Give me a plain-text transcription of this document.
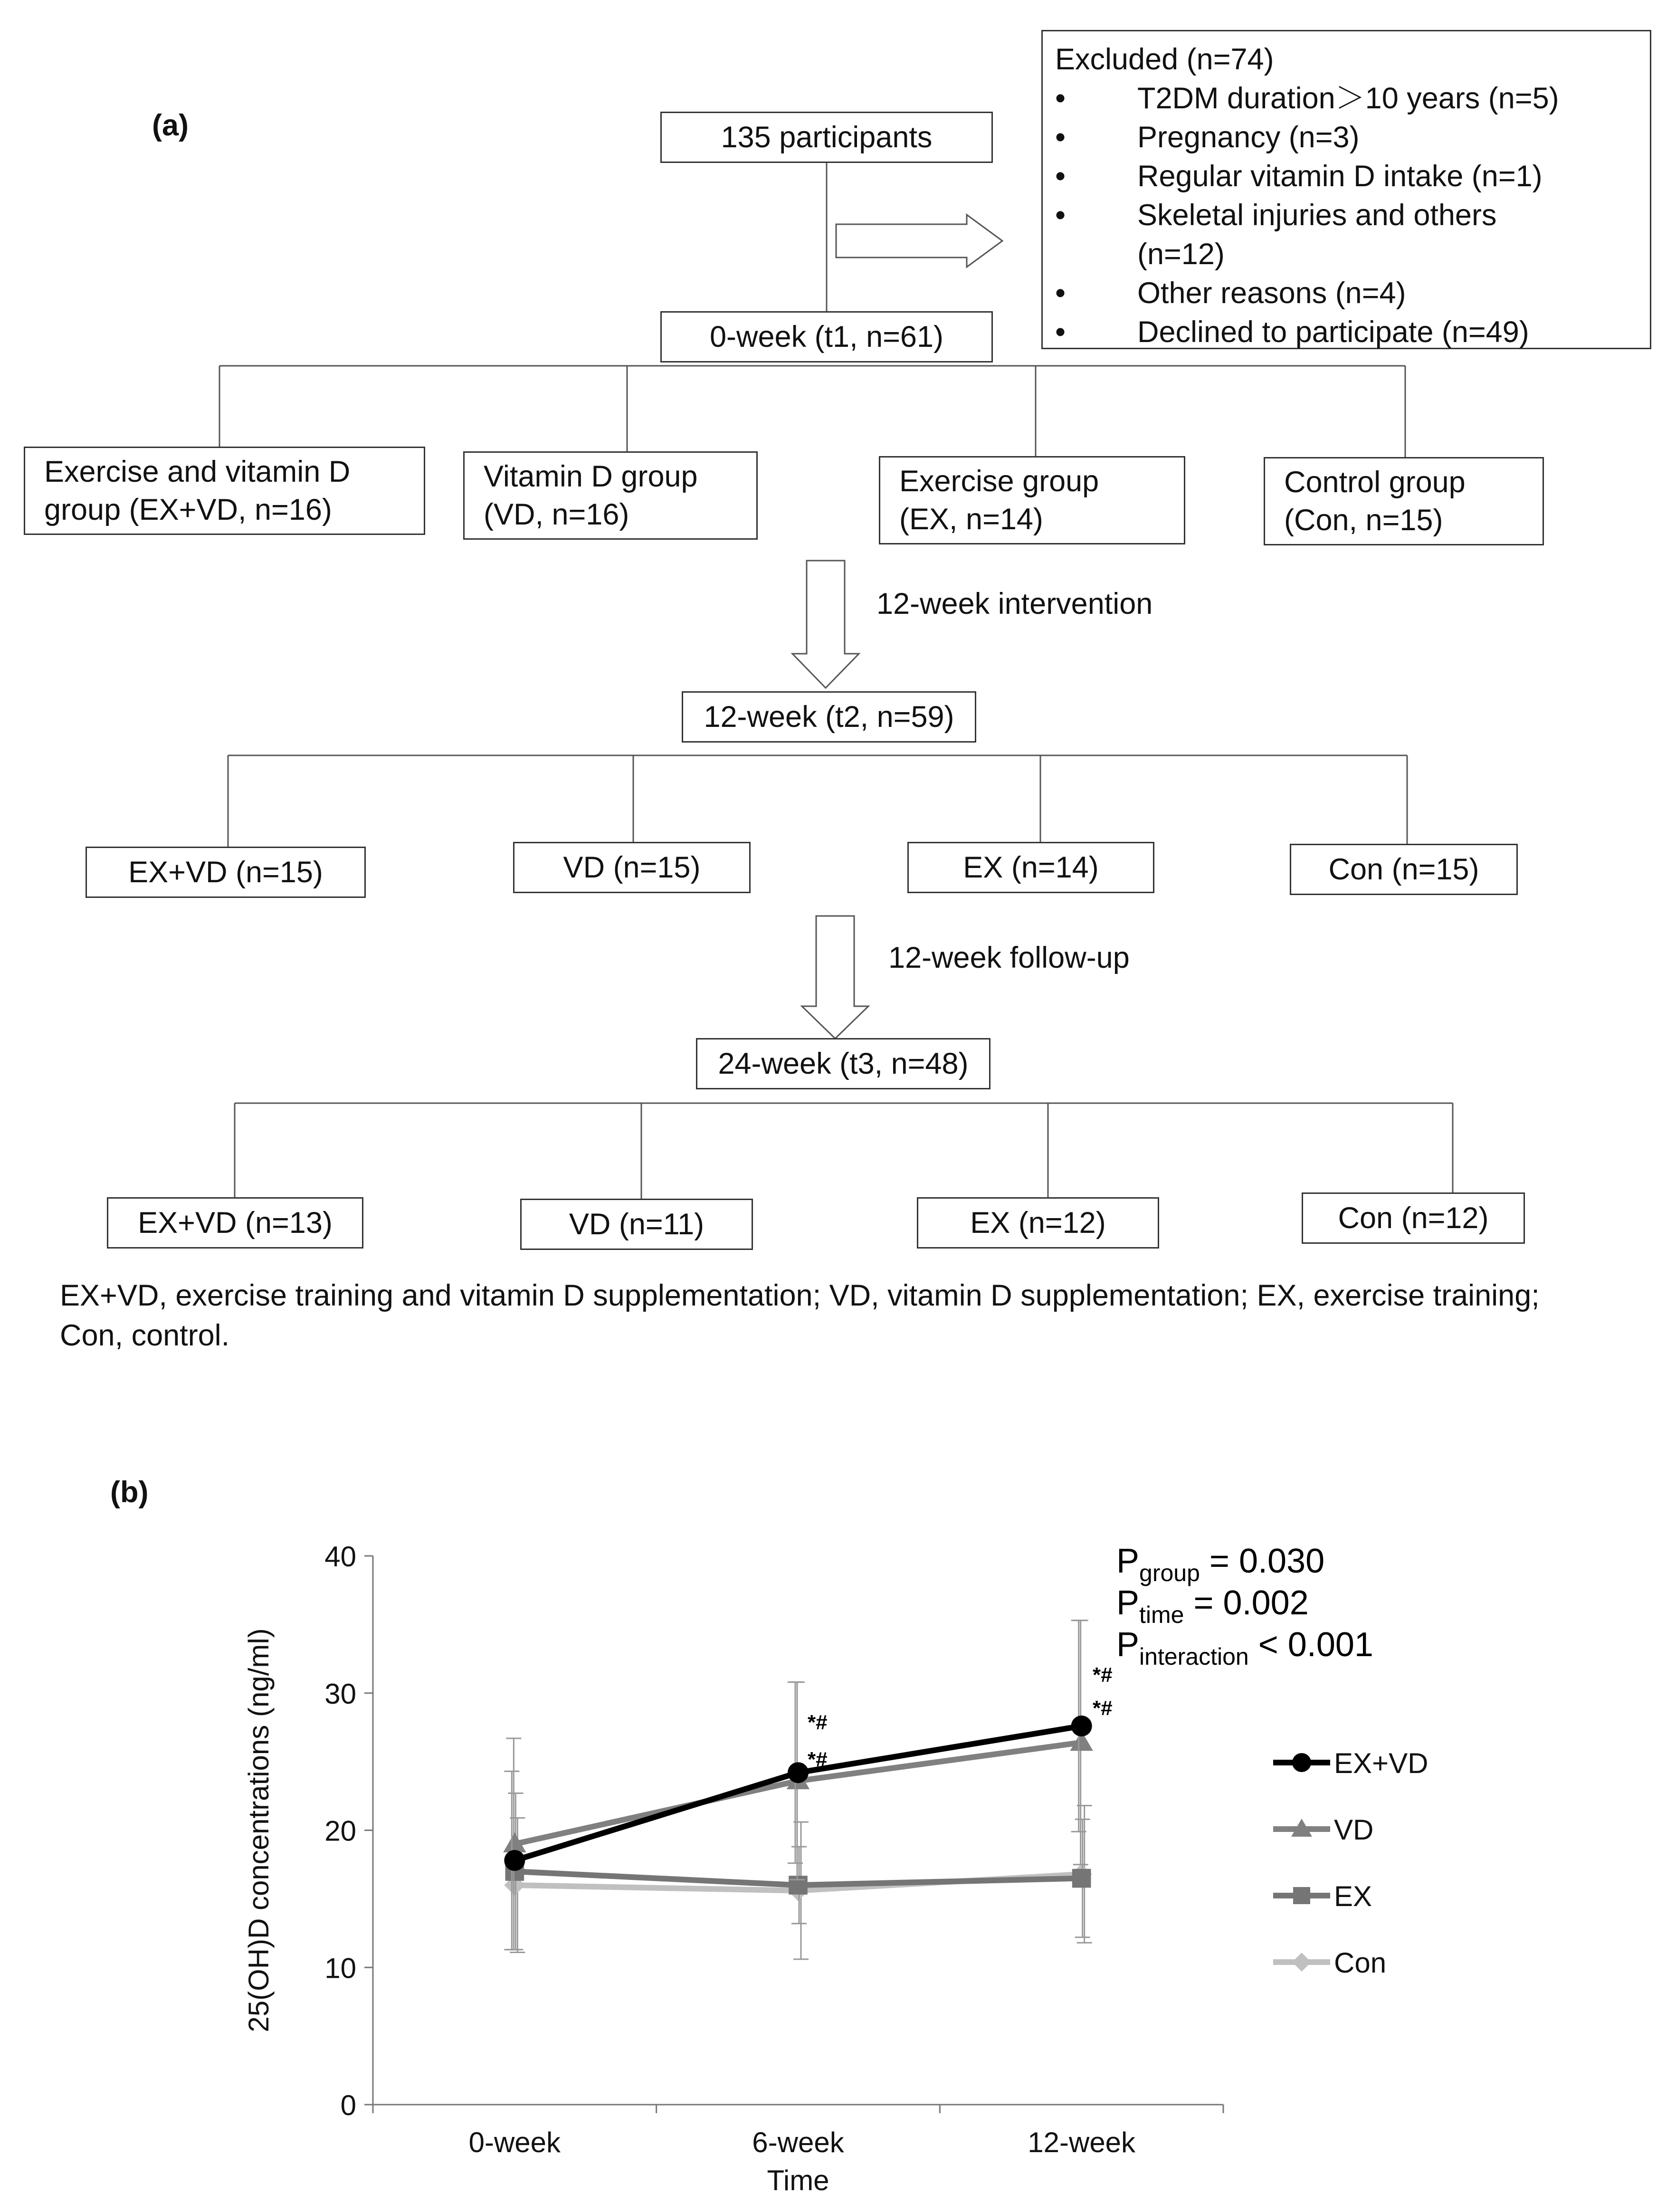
(a)	135 participants
Excluded (n=74)
• T2DM duration＞10 years (n=5)
• Pregnancy (n=3)
• Regular vitamin D intake (n=1)
• Skeletal injuries and others
(n=12)
• Other reasons (n=4)
• Declined to participate (n=49)
0-week (t1, n=61)
Exercise and vitamin D
group (EX+VD, n=16)
Vitamin D group
(VD, n=16)
Exercise group
(EX, n=14)
Control group
(Con, n=15)
12-week intervention
12-week (t2, n=59)
EX+VD (n=15)	VD (n=15)	EX (n=14)	Con (n=15)
12-week follow-up
24-week (t3, n=48)
EX+VD (n=13)	VD (n=11)	EX (n=12)	Con (n=12)
EX+VD, exercise training and vitamin D supplementation; VD, vitamin D supplementation; EX, exercise training; Con, control.
(b)
0
10
20
30
40
0-week	6-week	12-week
Time
25(OH)D concentrations (ng/ml)	EX+VD
VD
EX
Con
$P_{group} = 0.030$
$P_{time} = 0.002$
$P_{interaction} < 0.001$
*#
*#
*#
*#
